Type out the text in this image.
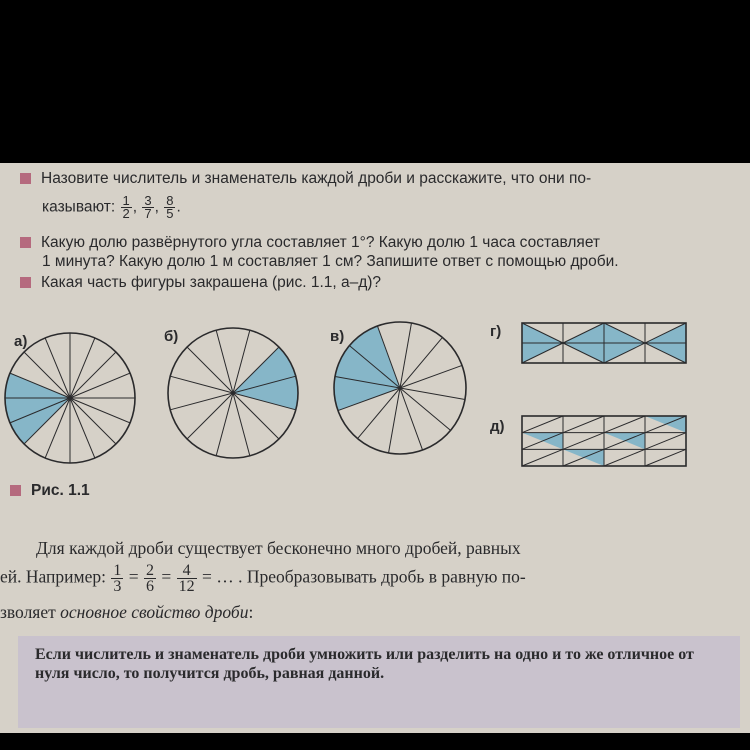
Назовите числитель и знаменатель каждой дроби и расскажите, что они по-
казывают: $\frac{1}{2}$ , $\frac{3}{7}$ , $\frac{8}{5}$ .
Какую долю развёрнутого угла составляет 1°? Какую долю 1 часа составляет
1 минута? Какую долю 1 м составляет 1 см? Запишите ответ с помощью дроби.
Какая часть фигуры закрашена (рис. 1.1, а–д)?
а)	б)	в)	г)
д)
Рис. 1.1
Для каждой дроби существует бесконечно много дробей, равных
ей. Например: $\frac{1}{3} = \frac{2}{6} = \frac{4}{12}$ = … . Преобразовывать дробь в равную по-
зволяет основное свойство дроби:
Если числитель и знаменатель дроби умножить или разделить на одно и то же отличное от нуля число, то получится дробь, равная данной.
